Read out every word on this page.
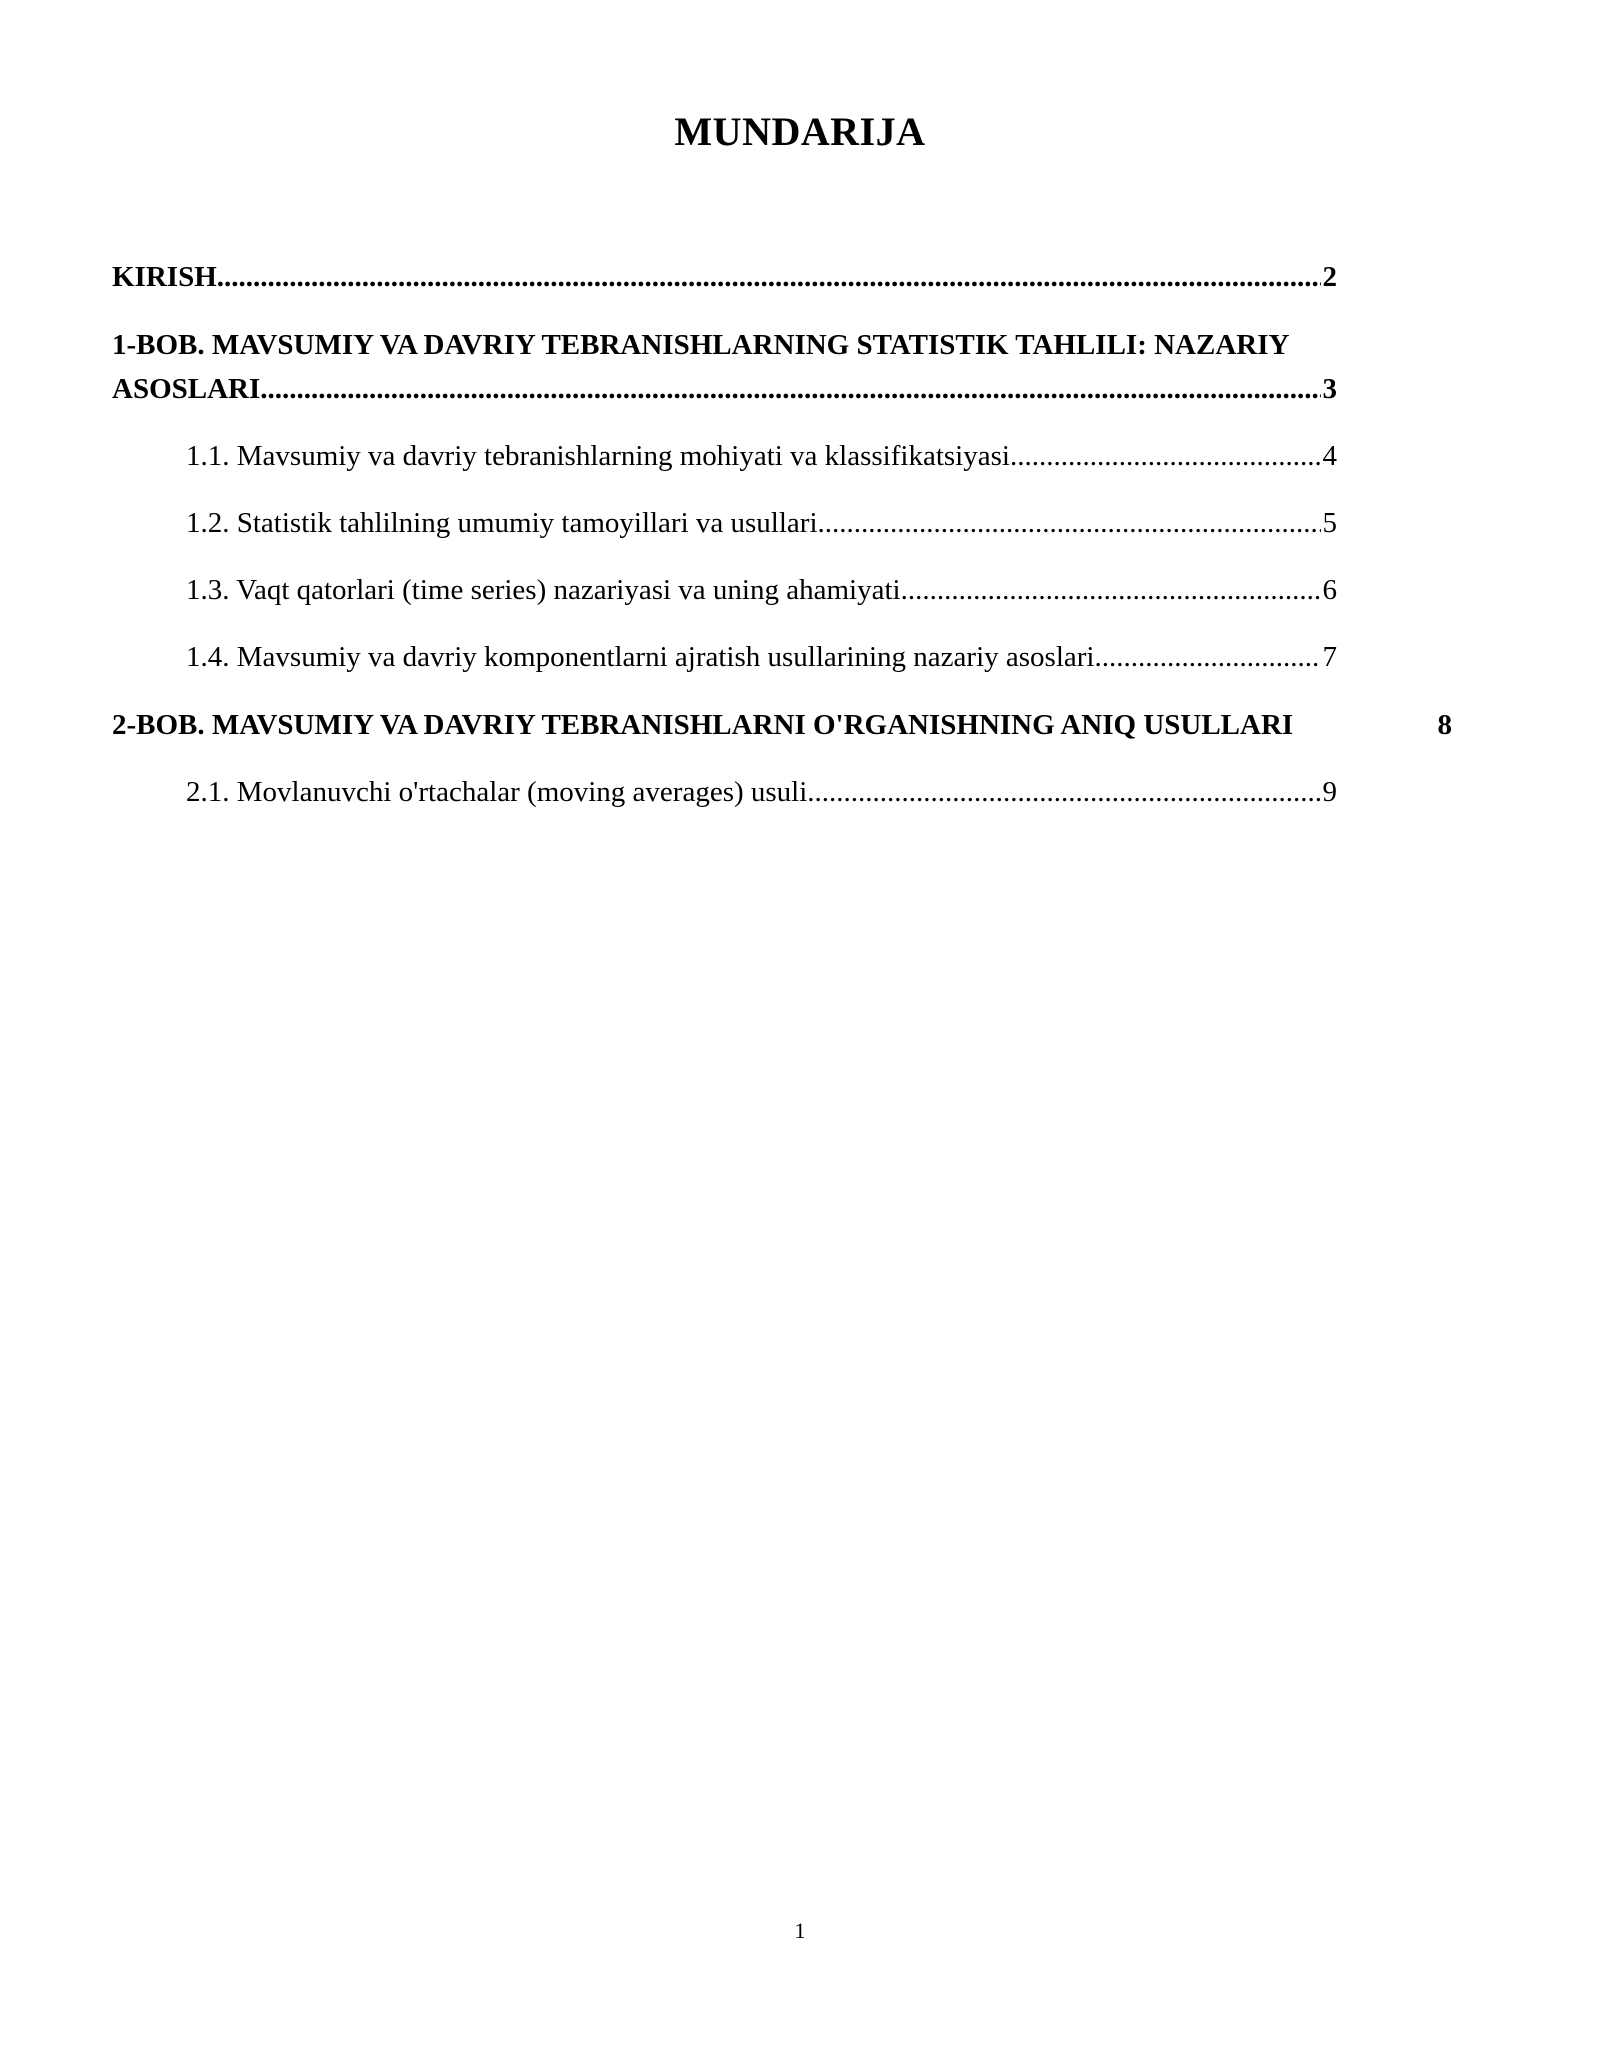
MUNDARIJA
KIRISH .....	2
1-BOB. MAVSUMIY VA DAVRIY TEBRANISHLARNING STATISTIK TAHLILI: NAZARIY
ASOSLARI .....	3
1.1. Mavsumiy va davriy tebranishlarning mohiyati va klassifikatsiyasi .....	4
1.2. Statistik tahlilning umumiy tamoyillari va usullari .....	5
1.3. Vaqt qatorlari (time series) nazariyasi va uning ahamiyati .....	6
1.4. Mavsumiy va davriy komponentlarni ajratish usullarining nazariy asoslari .....	7
2-BOB. MAVSUMIY VA DAVRIY TEBRANISHLARNI O'RGANISHNING ANIQ USULLARI	8
2.1. Movlanuvchi o'rtachalar (moving averages) usuli .....	9
1
